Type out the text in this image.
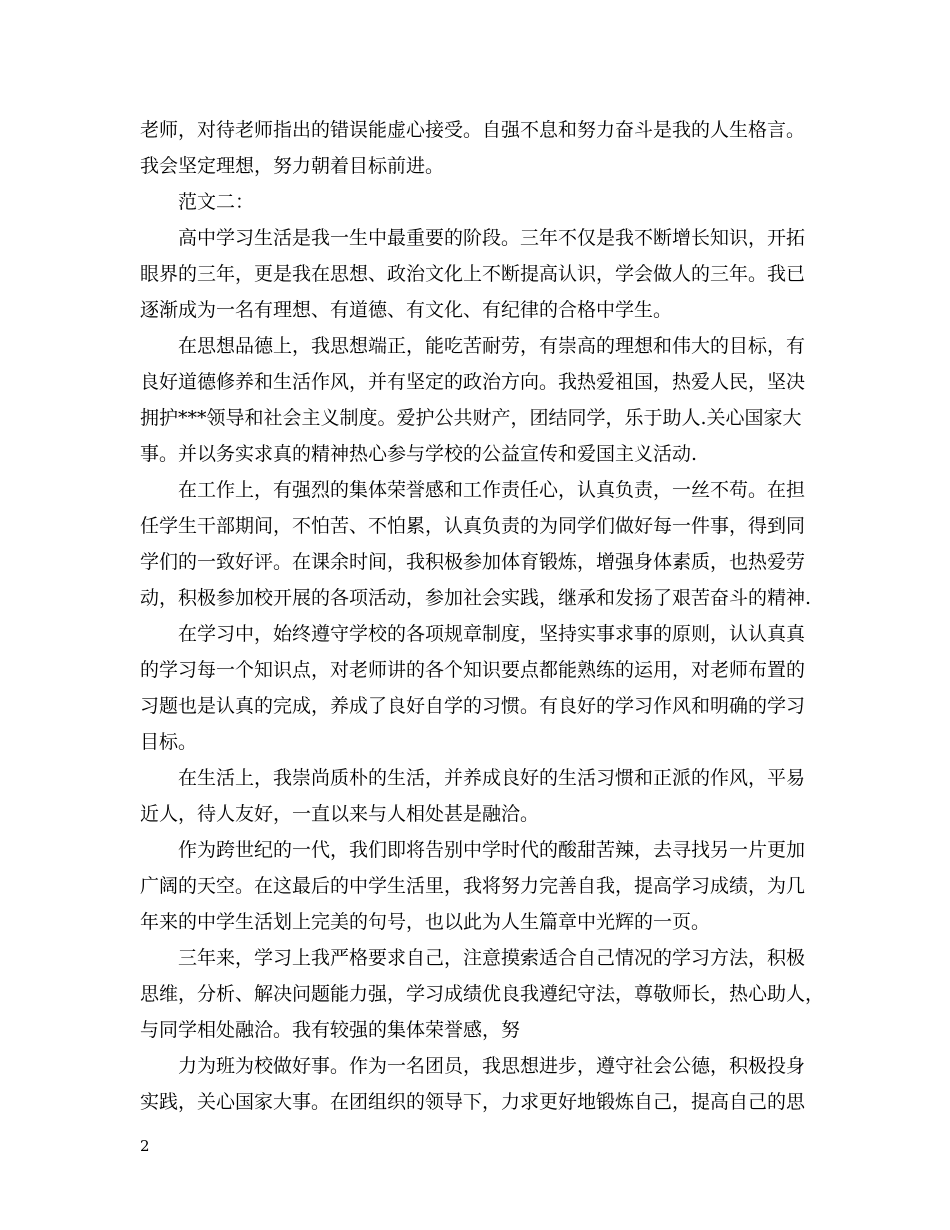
老师，对待老师指出的错误能虚心接受。自强不息和努力奋斗是我的人生格言。
我会坚定理想，努力朝着目标前进。
范文二：
高中学习生活是我一生中最重要的阶段。三年不仅是我不断增长知识，开拓
眼界的三年，更是我在思想、政治文化上不断提高认识，学会做人的三年。我已
逐渐成为一名有理想、有道德、有文化、有纪律的合格中学生。
在思想品德上，我思想端正，能吃苦耐劳，有崇高的理想和伟大的目标，有
良好道德修养和生活作风，并有坚定的政治方向。我热爱祖国，热爱人民，坚决
拥护***领导和社会主义制度。爱护公共财产，团结同学，乐于助人.关心国家大
事。并以务实求真的精神热心参与学校的公益宣传和爱国主义活动.
在工作上，有强烈的集体荣誉感和工作责任心，认真负责，一丝不苟。在担
任学生干部期间，不怕苦、不怕累，认真负责的为同学们做好每一件事，得到同
学们的一致好评。在课余时间，我积极参加体育锻炼，增强身体素质，也热爱劳
动，积极参加校开展的各项活动，参加社会实践，继承和发扬了艰苦奋斗的精神.
在学习中，始终遵守学校的各项规章制度，坚持实事求事的原则，认认真真
的学习每一个知识点，对老师讲的各个知识要点都能熟练的运用，对老师布置的
习题也是认真的完成，养成了良好自学的习惯。有良好的学习作风和明确的学习
目标。
在生活上，我崇尚质朴的生活，并养成良好的生活习惯和正派的作风，平易
近人，待人友好，一直以来与人相处甚是融洽。
作为跨世纪的一代，我们即将告别中学时代的酸甜苦辣，去寻找另一片更加
广阔的天空。在这最后的中学生活里，我将努力完善自我，提高学习成绩，为几
年来的中学生活划上完美的句号，也以此为人生篇章中光辉的一页。
三年来，学习上我严格要求自己，注意摸索适合自己情况的学习方法，积极
思维，分析、解决问题能力强，学习成绩优良我遵纪守法，尊敬师长，热心助人，
与同学相处融洽。我有较强的集体荣誉感，努
力为班为校做好事。作为一名团员，我思想进步，遵守社会公德，积极投身
实践，关心国家大事。在团组织的领导下，力求更好地锻炼自己，提高自己的思
2
